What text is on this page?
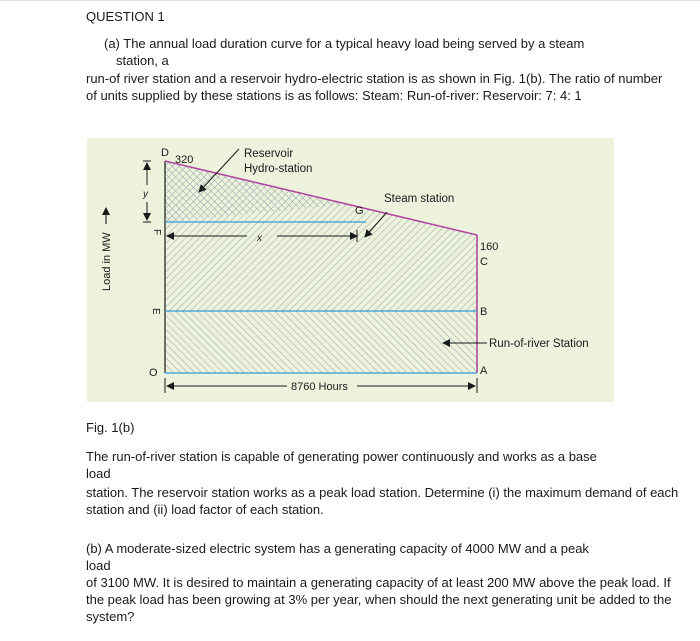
QUESTION 1

(a) The annual load duration curve for a typical heavy load being served by a steam

station, a

run-of river station and a reservoir hydro-electric station is as shown in Fig. 1(b). The ratio of number of units supplied by these stations is as follows: Steam: Run-of-river: Reservoir: 7: 4: 1

x
y
8760 Hours
Reservoir
Hydro-station
Steam station
Run-of-river Station
D
320
G
F
E
O
160
C
B
A
Load in MW

Fig. 1(b)

The run-of-river station is capable of generating power continuously and works as a base

load

station. The reservoir station works as a peak load station. Determine (i) the maximum demand of each station and (ii) load factor of each station.

(b) A moderate-sized electric system has a generating capacity of 4000 MW and a peak

load

of 3100 MW. It is desired to maintain a generating capacity of at least 200 MW above the peak load. If the peak load has been growing at 3% per year, when should the next generating unit be added to the system?
